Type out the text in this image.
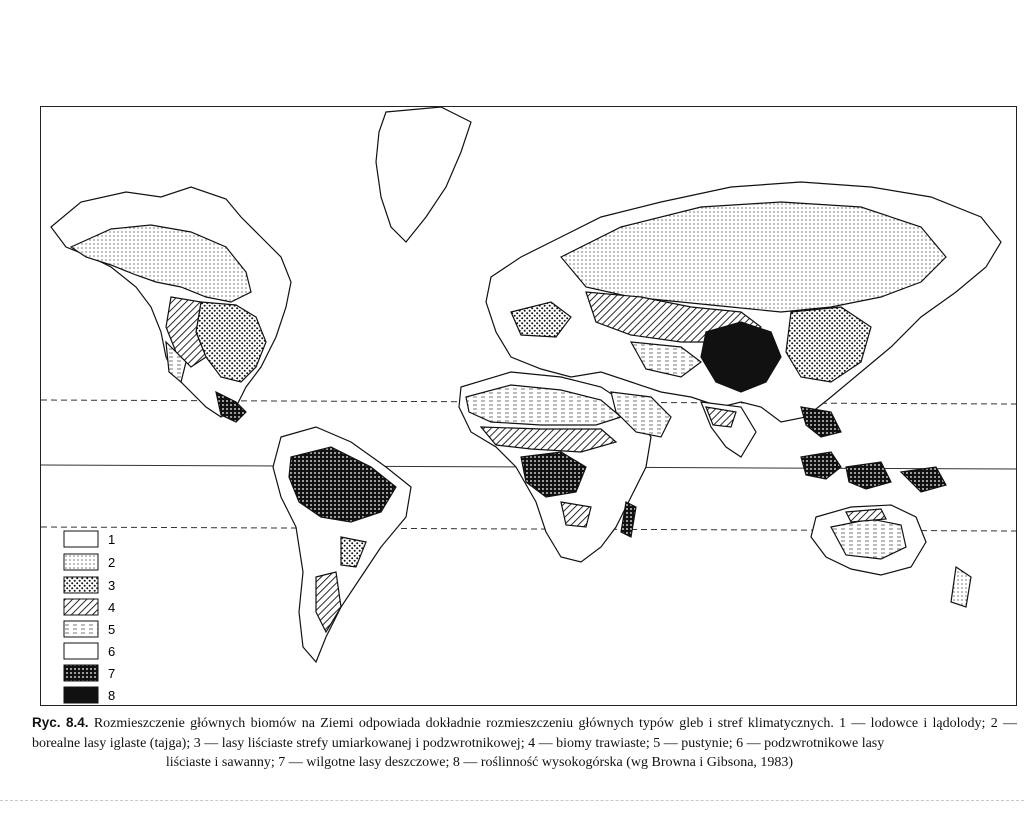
1
2
3
4
5
6
7
8
Ryc. 8.4. Rozmieszczenie głównych biomów na Ziemi odpowiada dokładnie rozmieszczeniu głównych typów gleb i stref klimatycznych. 1 — lodowce i lądolody; 2 — borealne lasy iglaste (tajga); 3 — lasy liściaste strefy umiarkowanej i podzwrotnikowej; 4 — biomy trawiaste; 5 — pustynie; 6 — podzwrotnikowe lasy
liściaste i sawanny; 7 — wilgotne lasy deszczowe; 8 — roślinność wysokogórska (wg Browna i Gibsona, 1983)
